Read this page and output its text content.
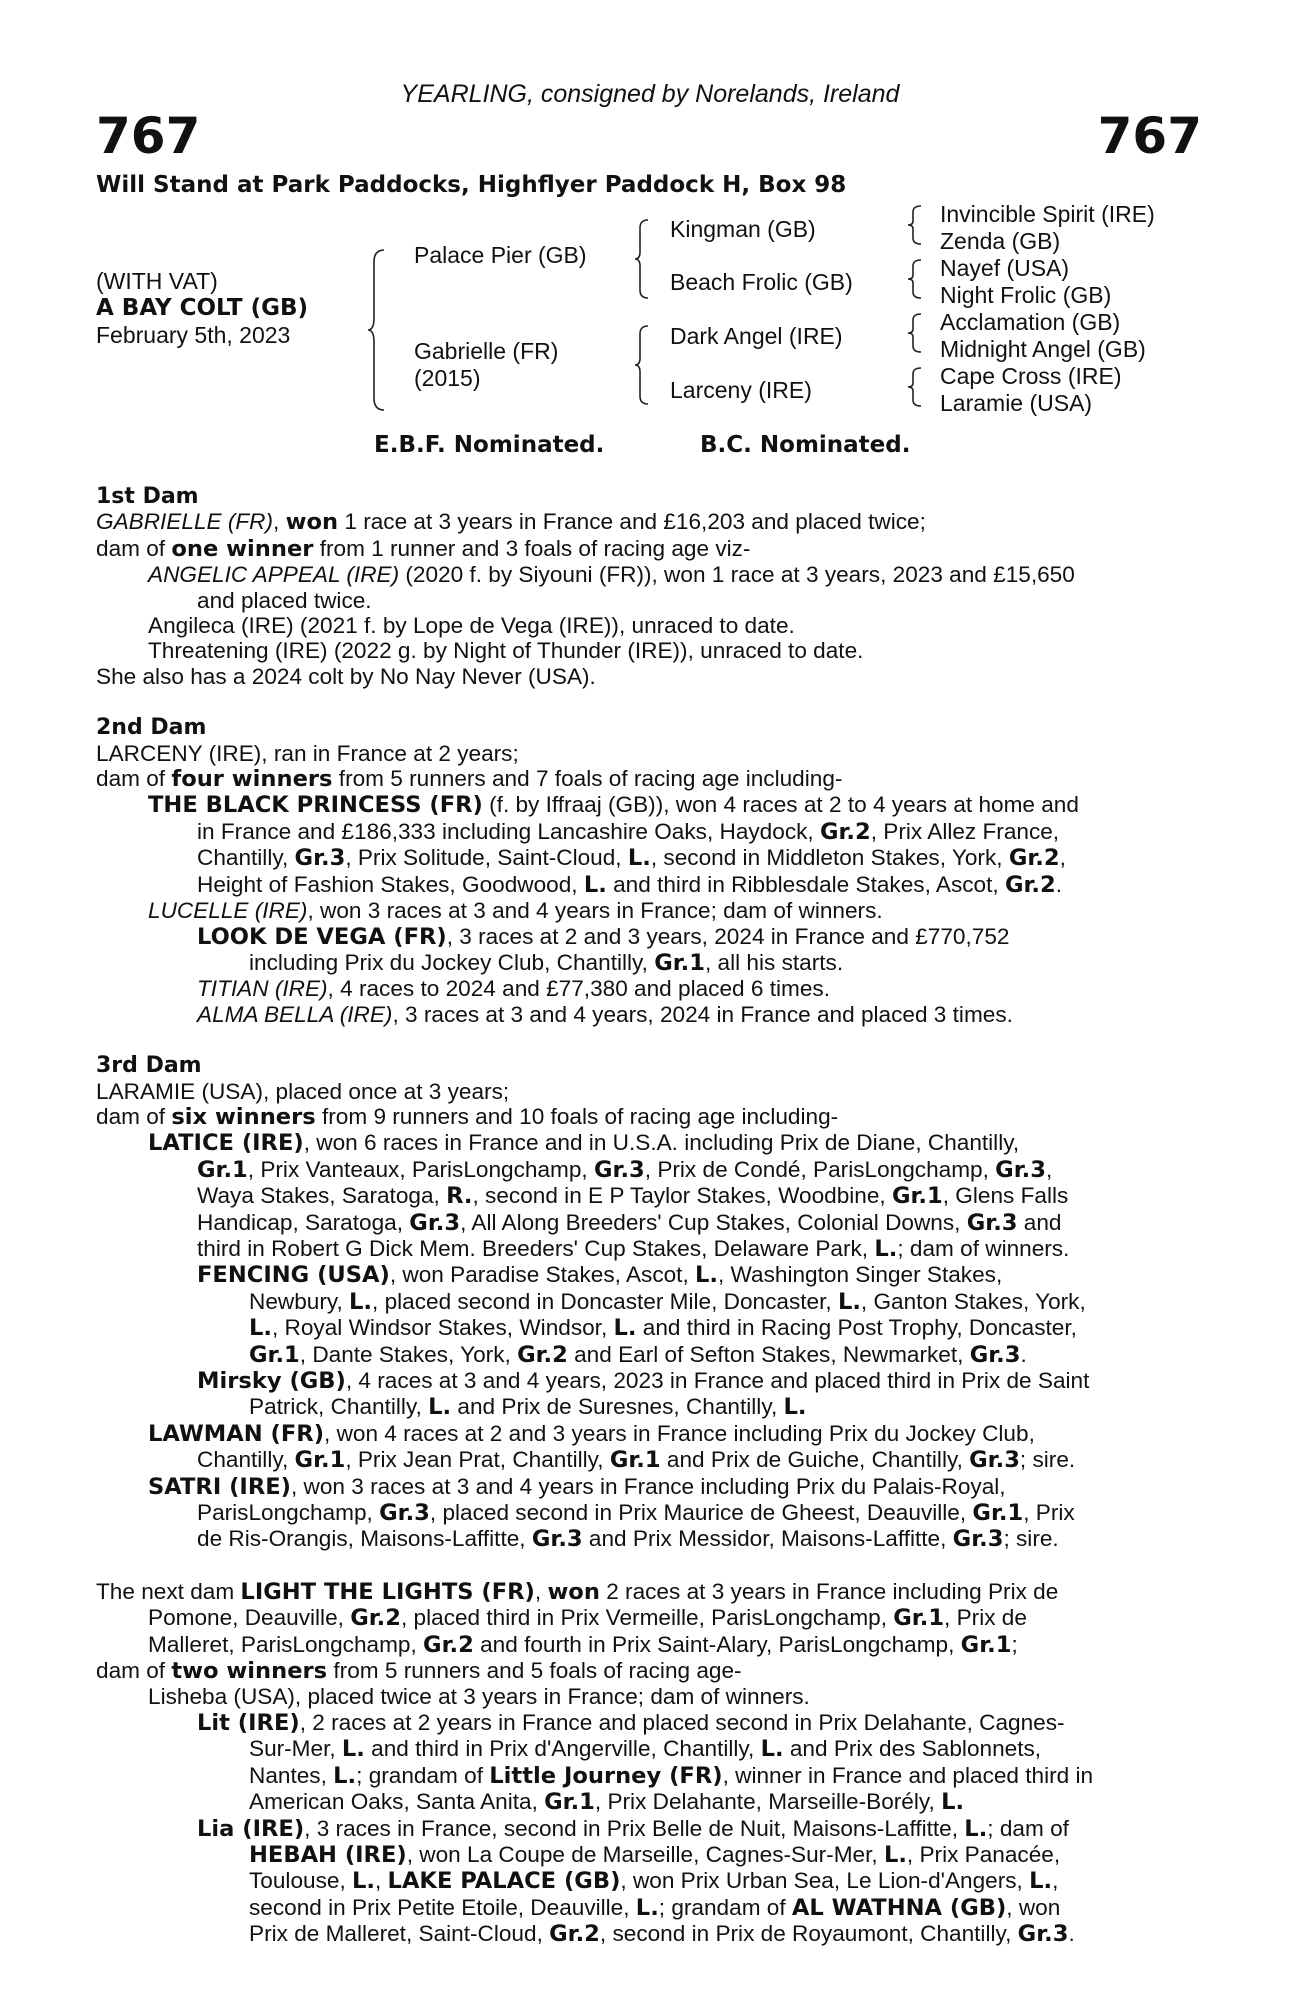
YEARLING, consigned by Norelands, Ireland
767	767
Will Stand at Park Paddocks, Highflyer Paddock H, Box 98
(WITH VAT)
A BAY COLT (GB)
February 5th, 2023
Palace Pier (GB)
Gabrielle (FR)
(2015)
Kingman (GB)
Beach Frolic (GB)
Dark Angel (IRE)
Larceny (IRE)
Invincible Spirit (IRE)
Zenda (GB)
Nayef (USA)
Night Frolic (GB)
Acclamation (GB)
Midnight Angel (GB)
Cape Cross (IRE)
Laramie (USA)
E.B.F. Nominated.	B.C. Nominated.
1st Dam
GABRIELLE (FR), won 1 race at 3 years in France and £16,203 and placed twice;
dam of one winner from 1 runner and 3 foals of racing age viz-
ANGELIC APPEAL (IRE) (2020 f. by Siyouni (FR)), won 1 race at 3 years, 2023 and £15,650
and placed twice.
Angileca (IRE) (2021 f. by Lope de Vega (IRE)), unraced to date.
Threatening (IRE) (2022 g. by Night of Thunder (IRE)), unraced to date.
She also has a 2024 colt by No Nay Never (USA).
2nd Dam
LARCENY (IRE), ran in France at 2 years;
dam of four winners from 5 runners and 7 foals of racing age including-
THE BLACK PRINCESS (FR) (f. by Iffraaj (GB)), won 4 races at 2 to 4 years at home and
in France and £186,333 including Lancashire Oaks, Haydock, Gr.2, Prix Allez France,
Chantilly, Gr.3, Prix Solitude, Saint-Cloud, L., second in Middleton Stakes, York, Gr.2,
Height of Fashion Stakes, Goodwood, L. and third in Ribblesdale Stakes, Ascot, Gr.2.
LUCELLE (IRE), won 3 races at 3 and 4 years in France; dam of winners.
LOOK DE VEGA (FR), 3 races at 2 and 3 years, 2024 in France and £770,752
including Prix du Jockey Club, Chantilly, Gr.1, all his starts.
TITIAN (IRE), 4 races to 2024 and £77,380 and placed 6 times.
ALMA BELLA (IRE), 3 races at 3 and 4 years, 2024 in France and placed 3 times.
3rd Dam
LARAMIE (USA), placed once at 3 years;
dam of six winners from 9 runners and 10 foals of racing age including-
LATICE (IRE), won 6 races in France and in U.S.A. including Prix de Diane, Chantilly,
Gr.1, Prix Vanteaux, ParisLongchamp, Gr.3, Prix de Condé, ParisLongchamp, Gr.3,
Waya Stakes, Saratoga, R., second in E P Taylor Stakes, Woodbine, Gr.1, Glens Falls
Handicap, Saratoga, Gr.3, All Along Breeders' Cup Stakes, Colonial Downs, Gr.3 and
third in Robert G Dick Mem. Breeders' Cup Stakes, Delaware Park, L.; dam of winners.
FENCING (USA), won Paradise Stakes, Ascot, L., Washington Singer Stakes,
Newbury, L., placed second in Doncaster Mile, Doncaster, L., Ganton Stakes, York,
L., Royal Windsor Stakes, Windsor, L. and third in Racing Post Trophy, Doncaster,
Gr.1, Dante Stakes, York, Gr.2 and Earl of Sefton Stakes, Newmarket, Gr.3.
Mirsky (GB), 4 races at 3 and 4 years, 2023 in France and placed third in Prix de Saint
Patrick, Chantilly, L. and Prix de Suresnes, Chantilly, L.
LAWMAN (FR), won 4 races at 2 and 3 years in France including Prix du Jockey Club,
Chantilly, Gr.1, Prix Jean Prat, Chantilly, Gr.1 and Prix de Guiche, Chantilly, Gr.3; sire.
SATRI (IRE), won 3 races at 3 and 4 years in France including Prix du Palais-Royal,
ParisLongchamp, Gr.3, placed second in Prix Maurice de Gheest, Deauville, Gr.1, Prix
de Ris-Orangis, Maisons-Laffitte, Gr.3 and Prix Messidor, Maisons-Laffitte, Gr.3; sire.
The next dam LIGHT THE LIGHTS (FR), won 2 races at 3 years in France including Prix de
Pomone, Deauville, Gr.2, placed third in Prix Vermeille, ParisLongchamp, Gr.1, Prix de
Malleret, ParisLongchamp, Gr.2 and fourth in Prix Saint-Alary, ParisLongchamp, Gr.1;
dam of two winners from 5 runners and 5 foals of racing age-
Lisheba (USA), placed twice at 3 years in France; dam of winners.
Lit (IRE), 2 races at 2 years in France and placed second in Prix Delahante, Cagnes-
Sur-Mer, L. and third in Prix d'Angerville, Chantilly, L. and Prix des Sablonnets,
Nantes, L.; grandam of Little Journey (FR), winner in France and placed third in
American Oaks, Santa Anita, Gr.1, Prix Delahante, Marseille-Borély, L.
Lia (IRE), 3 races in France, second in Prix Belle de Nuit, Maisons-Laffitte, L.; dam of
HEBAH (IRE), won La Coupe de Marseille, Cagnes-Sur-Mer, L., Prix Panacée,
Toulouse, L., LAKE PALACE (GB), won Prix Urban Sea, Le Lion-d'Angers, L.,
second in Prix Petite Etoile, Deauville, L.; grandam of AL WATHNA (GB), won
Prix de Malleret, Saint-Cloud, Gr.2, second in Prix de Royaumont, Chantilly, Gr.3.
